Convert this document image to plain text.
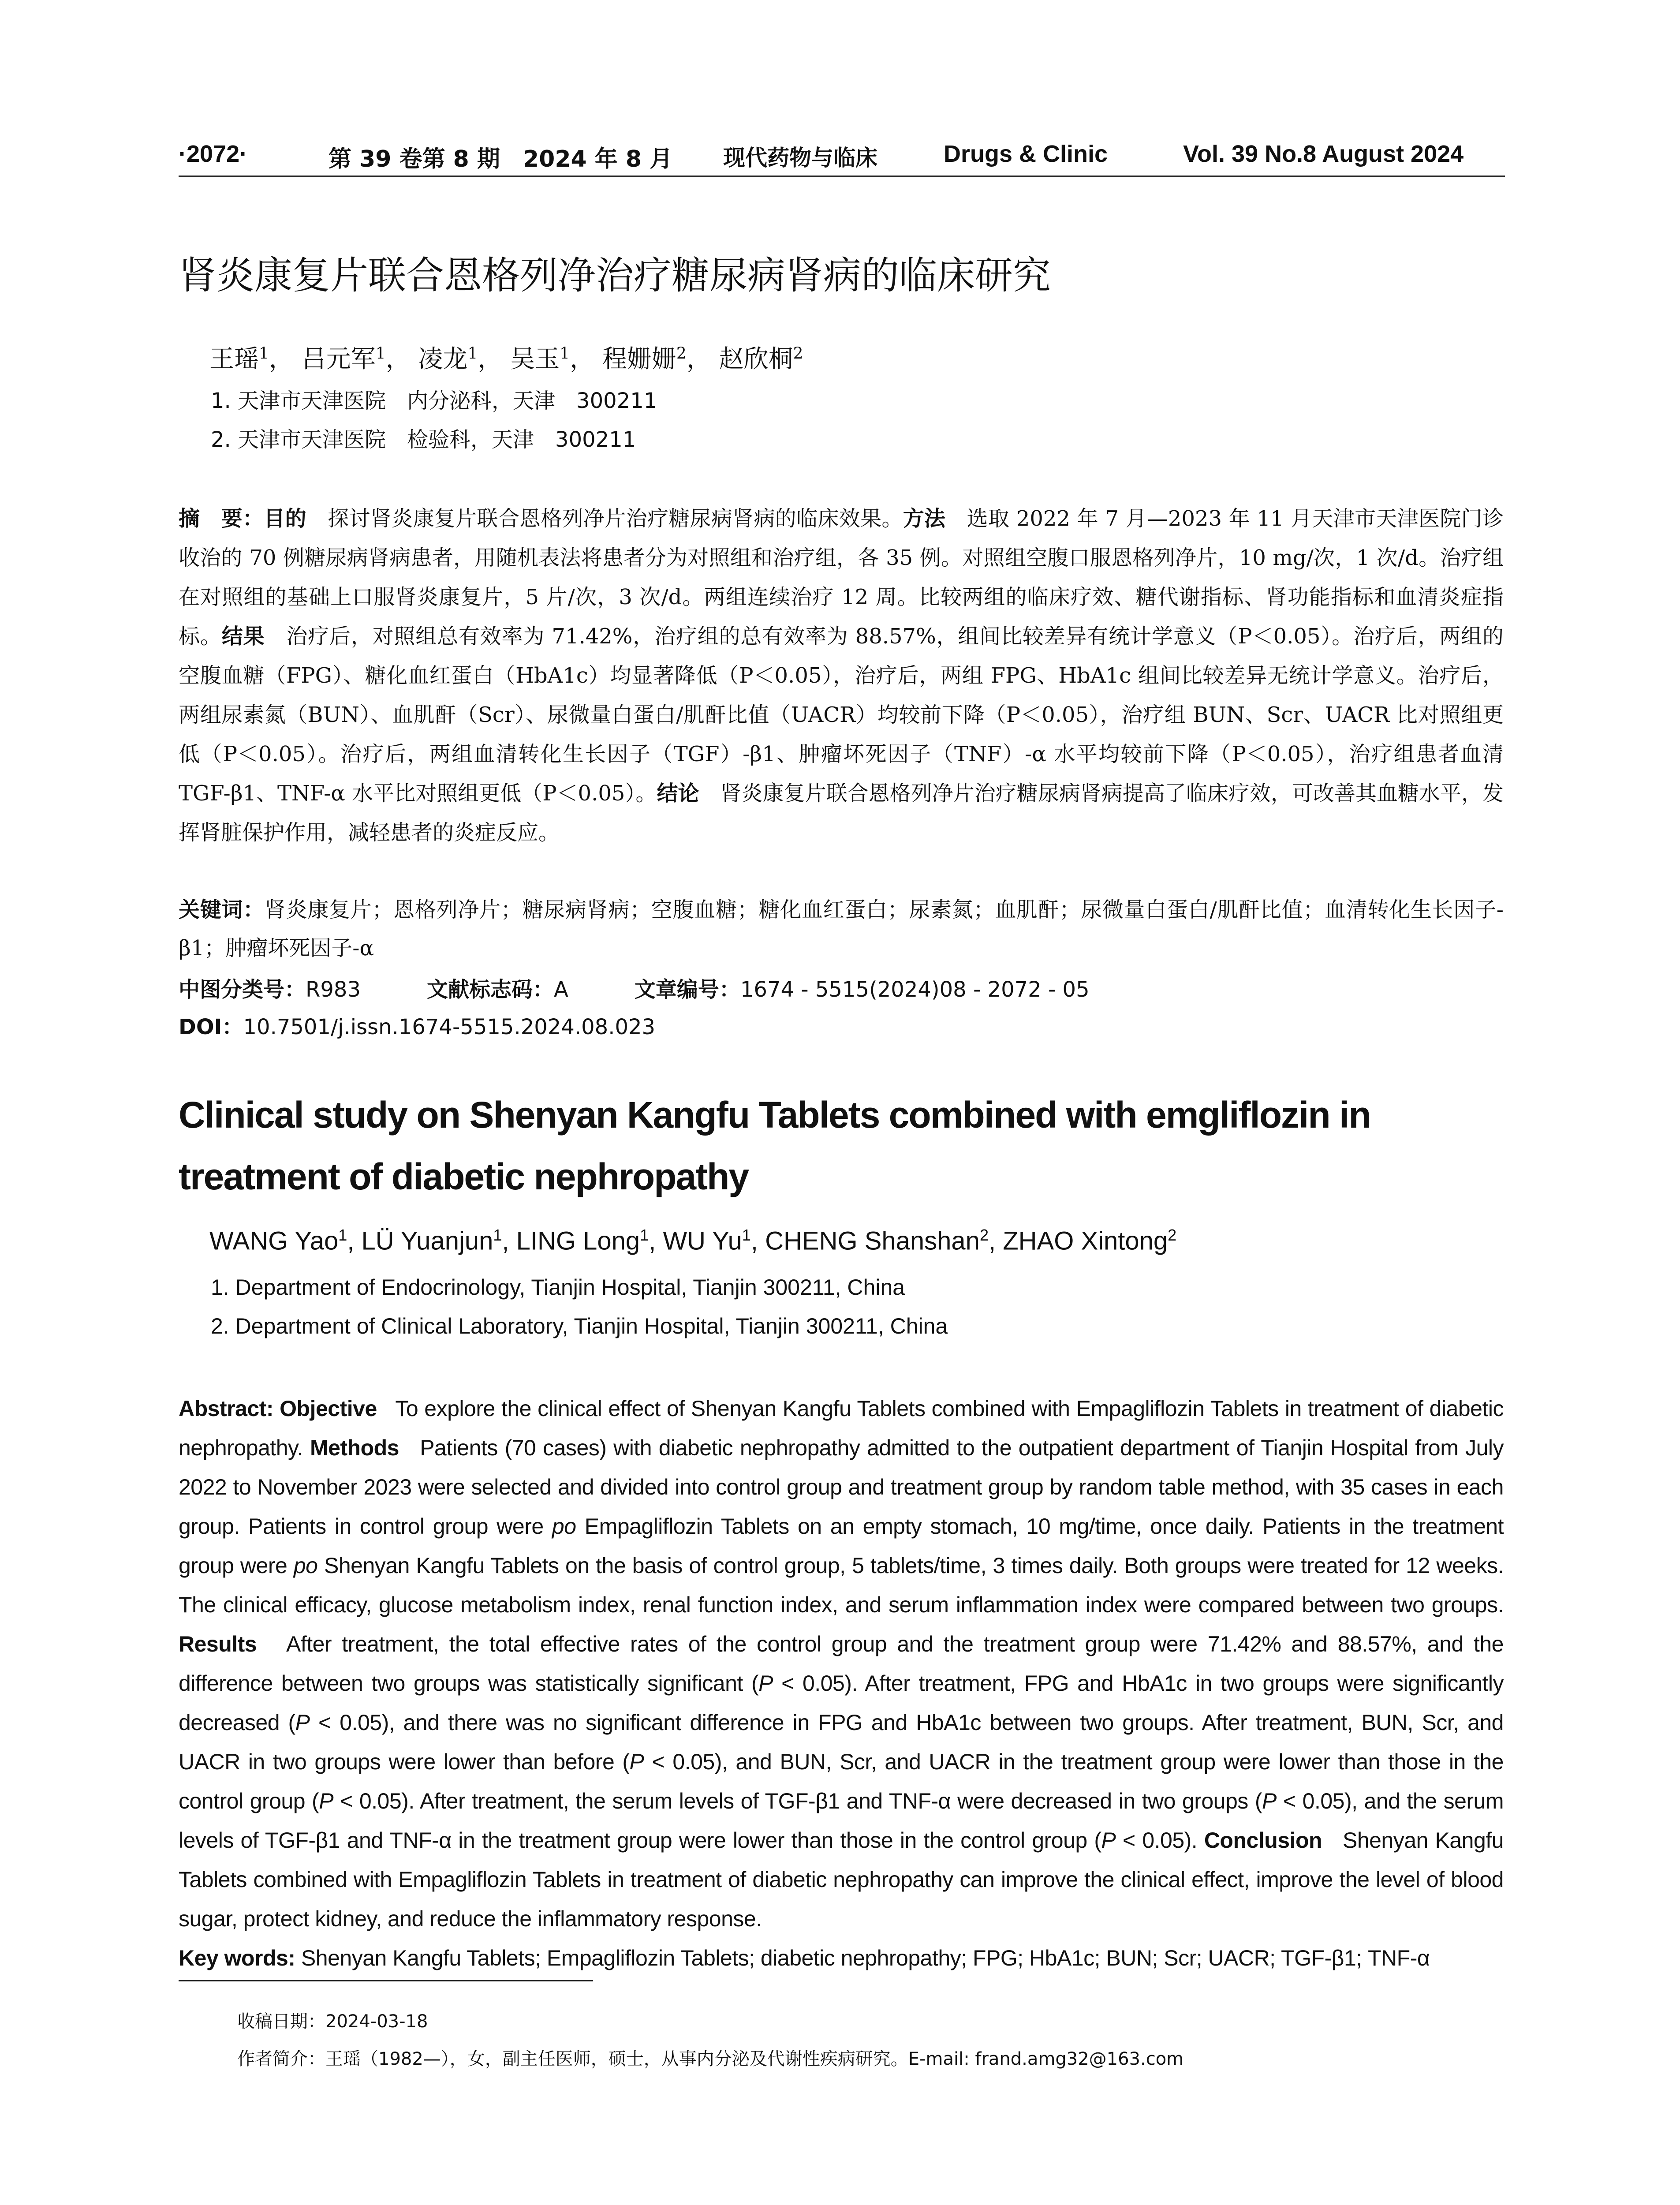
·2072·	第 39 卷第 8 期　2024 年 8 月 现代药物与临床	Drugs & Clinic	Vol. 39 No.8 August 2024
肾炎康复片联合恩格列净治疗糖尿病肾病的临床研究
王瑶$^1$， 吕元军$^1$， 凌龙$^1$， 吴玉$^1$， 程姗姗$^2$， 赵欣桐$^2$
1. 天津市天津医院　内分泌科，天津　300211
2. 天津市天津医院　检验科，天津　300211
摘　要：目的　 探讨肾炎康复片联合恩格列净片治疗糖尿病肾病的临床效果。方法　 选取 2022 年 7 月—2023 年 11 月天津市天津医院门诊收治的 70 例糖尿病肾病患者，用随机表法将患者分为对照组和治疗组，各 35 例。对照组空腹口服恩格列净片，10 mg/次，1 次/d。治疗组在对照组的基础上口服肾炎康复片，5 片/次，3 次/d。两组连续治疗 12 周。比较两组的临床疗效、糖代谢指标、肾功能指标和血清炎症指标。结果　 治疗后，对照组总有效率为 71.42%，治疗组的总有效率为 88.57%，组间比较差异有统计学意义（P＜0.05）。治疗后，两组的空腹血糖（FPG）、糖化血红蛋白（HbA1c）均显著降低（P＜0.05），治疗后，两组 FPG、HbA1c 组间比较差异无统计学意义。治疗后，两组尿素氮（BUN）、血肌酐（Scr）、尿微量白蛋白/肌酐比值（UACR）均较前下降（P＜0.05），治疗组 BUN、Scr、UACR 比对照组更低（P＜0.05）。治疗后，两组血清转化生长因子（TGF）-β1、肿瘤坏死因子（TNF）-α 水平均较前下降（P＜0.05），治疗组患者血清 TGF-β1、TNF-α 水平比对照组更低（P＜0.05）。结论　 肾炎康复片联合恩格列净片治疗糖尿病肾病提高了临床疗效，可改善其血糖水平，发挥肾脏保护作用，减轻患者的炎症反应。
关键词：肾炎康复片；恩格列净片；糖尿病肾病；空腹血糖；糖化血红蛋白；尿素氮；血肌酐；尿微量白蛋白/肌酐比值；血清转化生长因子-β1；肿瘤坏死因子-α
中图分类号：R983	文献标志码：A	文章编号：1674 - 5515(2024)08 - 2072 - 05
DOI：10.7501/j.issn.1674-5515.2024.08.023
Clinical study on Shenyan Kangfu Tablets combined with emgliflozin in treatment of diabetic nephropathy
WANG Yao$^1$, LÜ Yuanjun$^1$, LING Long$^1$, WU Yu$^1$, CHENG Shanshan$^2$, ZHAO Xintong$^2$
1. Department of Endocrinology, Tianjin Hospital, Tianjin 300211, China
2. Department of Clinical Laboratory, Tianjin Hospital, Tianjin 300211, China
Abstract: Objective To explore the clinical effect of Shenyan Kangfu Tablets combined with Empagliflozin Tablets in treatment of diabetic nephropathy. Methods Patients (70 cases) with diabetic nephropathy admitted to the outpatient department of Tianjin Hospital from July 2022 to November 2023 were selected and divided into control group and treatment group by random table method, with 35 cases in each group. Patients in control group were po Empagliflozin Tablets on an empty stomach, 10 mg/time, once daily. Patients in the treatment group were po Shenyan Kangfu Tablets on the basis of control group, 5 tablets/time, 3 times daily. Both groups were treated for 12 weeks. The clinical efficacy, glucose metabolism index, renal function index, and serum inflammation index were compared between two groups. Results After treatment, the total effective rates of the control group and the treatment group were 71.42% and 88.57%, and the difference between two groups was statistically significant (P < 0.05). After treatment, FPG and HbA1c in two groups were significantly decreased (P < 0.05), and there was no significant difference in FPG and HbA1c between two groups. After treatment, BUN, Scr, and UACR in two groups were lower than before (P < 0.05), and BUN, Scr, and UACR in the treatment group were lower than those in the control group (P < 0.05). After treatment, the serum levels of TGF-β1 and TNF-α were decreased in two groups (P < 0.05), and the serum levels of TGF-β1 and TNF-α in the treatment group were lower than those in the control group (P < 0.05). Conclusion Shenyan Kangfu Tablets combined with Empagliflozin Tablets in treatment of diabetic nephropathy can improve the clinical effect, improve the level of blood sugar, protect kidney, and reduce the inflammatory response.
Key words: Shenyan Kangfu Tablets; Empagliflozin Tablets; diabetic nephropathy; FPG; HbA1c; BUN; Scr; UACR; TGF-β1; TNF-α
收稿日期：2024-03-18
作者简介：王瑶（1982—），女，副主任医师，硕士，从事内分泌及代谢性疾病研究。E-mail: frand.amg32@163.com
